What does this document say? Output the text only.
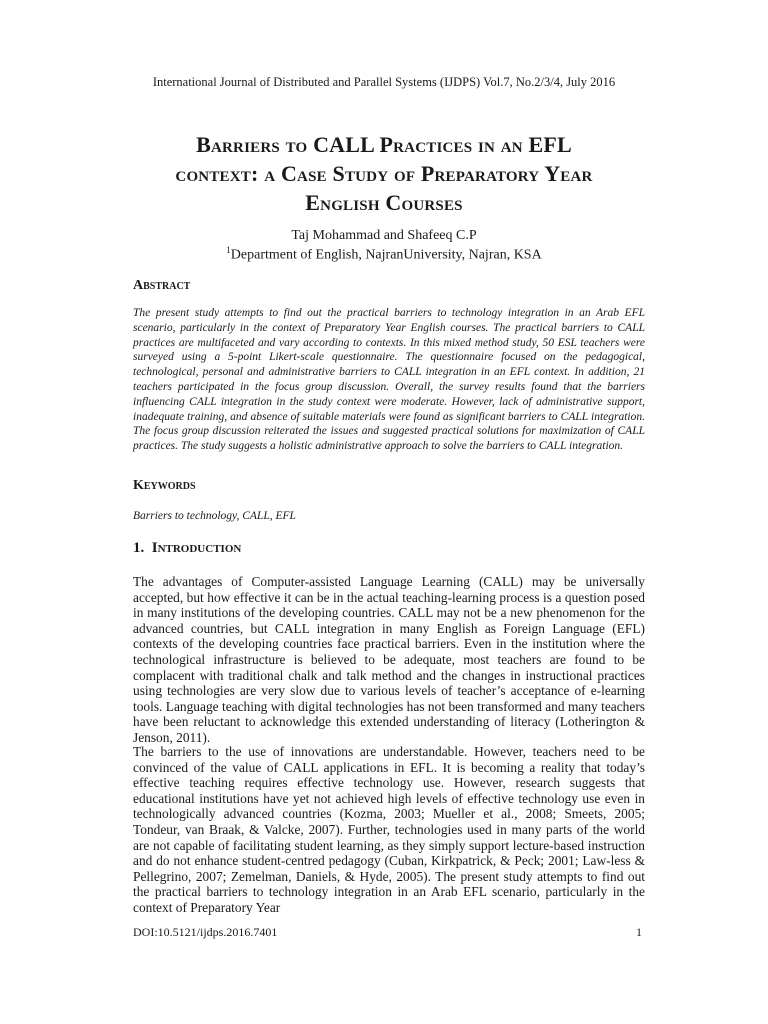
International Journal of Distributed and Parallel Systems (IJDPS) Vol.7, No.2/3/4, July 2016
Barriers to CALL Practices in an EFL
context: a Case Study of Preparatory Year
English Courses
Taj Mohammad and Shafeeq C.P
$^1$Department of English, NajranUniversity, Najran, KSA
Abstract

The present study attempts to find out the practical barriers to technology integration in an Arab EFL scenario, particularly in the context of Preparatory Year English courses. The practical barriers to CALL practices are multifaceted and vary according to contexts. In this mixed method study, 50 ESL teachers were surveyed using a 5-point Likert-scale questionnaire. The questionnaire focused on the pedagogical, technological, personal and administrative barriers to CALL integration in an EFL context. In addition, 21 teachers participated in the focus group discussion. Overall, the survey results found that the barriers influencing CALL integration in the study context were moderate. However, lack of administrative support, inadequate training, and absence of suitable materials were found as significant barriers to CALL integration. The focus group discussion reiterated the issues and suggested practical solutions for maximization of CALL practices. The study suggests a holistic administrative approach to solve the barriers to CALL integration.

Keywords
Barriers to technology, CALL, EFL
1. Introduction

The advantages of Computer-assisted Language Learning (CALL) may be universally accepted, but how effective it can be in the actual teaching-learning process is a question posed in many institutions of the developing countries. CALL may not be a new phenomenon for the advanced countries, but CALL integration in many English as Foreign Language (EFL) contexts of the developing countries face practical barriers. Even in the institution where the technological infrastructure is believed to be adequate, most teachers are found to be complacent with traditional chalk and talk method and the changes in instructional practices using technologies are very slow due to various levels of teacher’s acceptance of e-learning tools. Language teaching with digital technologies has not been transformed and many teachers have been reluctant to acknowledge this extended understanding of literacy (Lotherington & Jenson, 2011).

The barriers to the use of innovations are understandable. However, teachers need to be convinced of the value of CALL applications in EFL. It is becoming a reality that today’s effective teaching requires effective technology use. However, research suggests that educational institutions have yet not achieved high levels of effective technology use even in technologically advanced countries (Kozma, 2003; Mueller et al., 2008; Smeets, 2005; Tondeur, van Braak, & Valcke, 2007). Further, technologies used in many parts of the world are not capable of facilitating student learning, as they simply support lecture-based instruction and do not enhance student-centred pedagogy (Cuban, Kirkpatrick, & Peck; 2001; Law-less & Pellegrino, 2007; Zemelman, Daniels, & Hyde, 2005). The present study attempts to find out the practical barriers to technology integration in an Arab EFL scenario, particularly in the context of Preparatory Year

DOI:10.5121/ijdps.2016.7401	1
